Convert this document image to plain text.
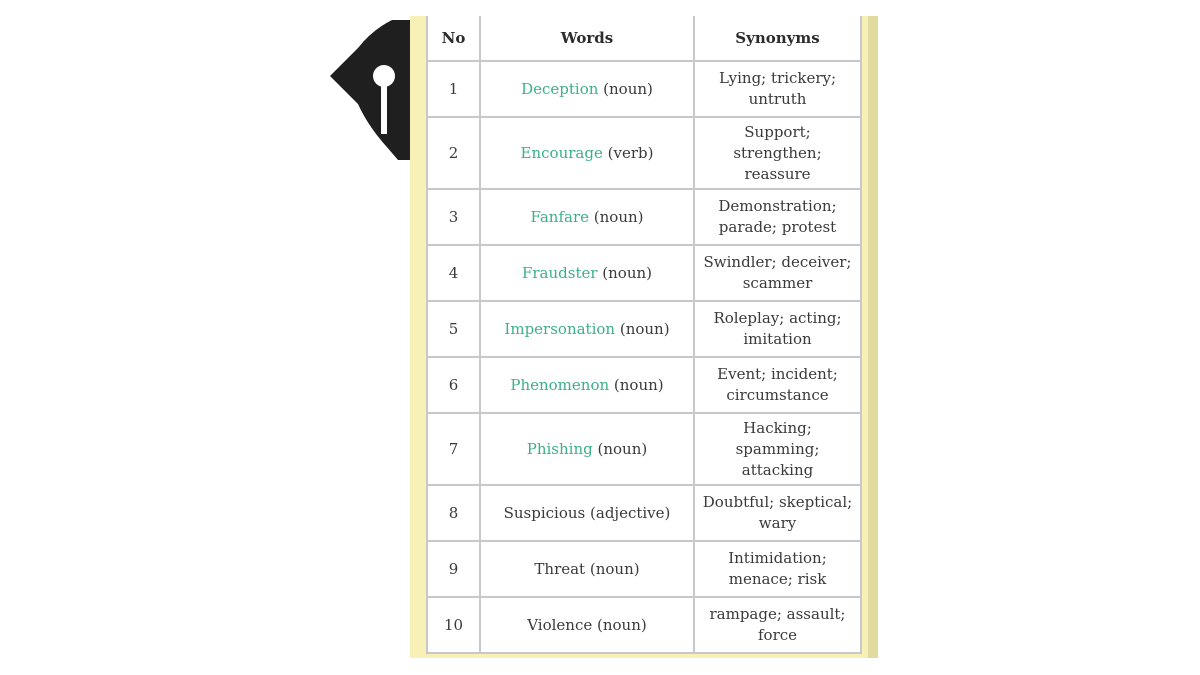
No	Words	Synonyms
1	Deception (noun)	Lying; trickery; untruth
2	Encourage (verb)	Support; strengthen; reassure
3	Fanfare (noun)	Demonstration; parade; protest
4	Fraudster (noun)	Swindler; deceiver; scammer
5	Impersonation (noun)	Roleplay; acting; imitation
6	Phenomenon (noun)	Event; incident; circumstance
7	Phishing (noun)	Hacking; spamming; attacking
8	Suspicious (adjective)	Doubtful; skeptical; wary
9	Threat (noun)	Intimidation; menace; risk
10	Violence (noun)	rampage; assault; force
